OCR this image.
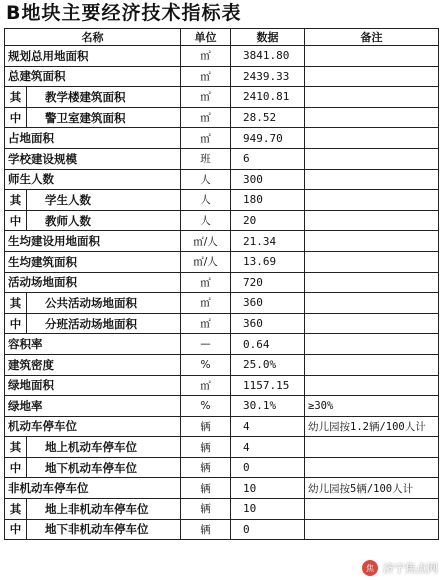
B地块主要经济技术指标表
名称		单位	数据	备注
规划总用地面积		㎡	3841.80	
总建筑面积		㎡	2439.33	
其	教学楼建筑面积	㎡	2410.81	
中	警卫室建筑面积	㎡	28.52	
占地面积		㎡	949.70	
学校建设规模		班	6	
师生人数		人	300	
其	学生人数	人	180	
中	教师人数	人	20	
生均建设用地面积		㎡/人	21.34	
生均建筑面积		㎡/人	13.69	
活动场地面积		㎡	720	
其	公共活动场地面积	㎡	360	
中	分班活动场地面积	㎡	360	
容积率		—	0.64	
建筑密度		%	25.0%	
绿地面积		㎡	1157.15	
绿地率		%	30.1%	≥30%
机动车停车位		辆	4	幼儿园按1.2辆/100人计
其	地上机动车停车位	辆	4	
中	地下机动车停车位	辆	0	
非机动车停车位		辆	10	幼儿园按5辆/100人计
其	地上非机动车停车位	辆	10	
中	地下非机动车停车位	辆	0	
焦 济宁焦点网
